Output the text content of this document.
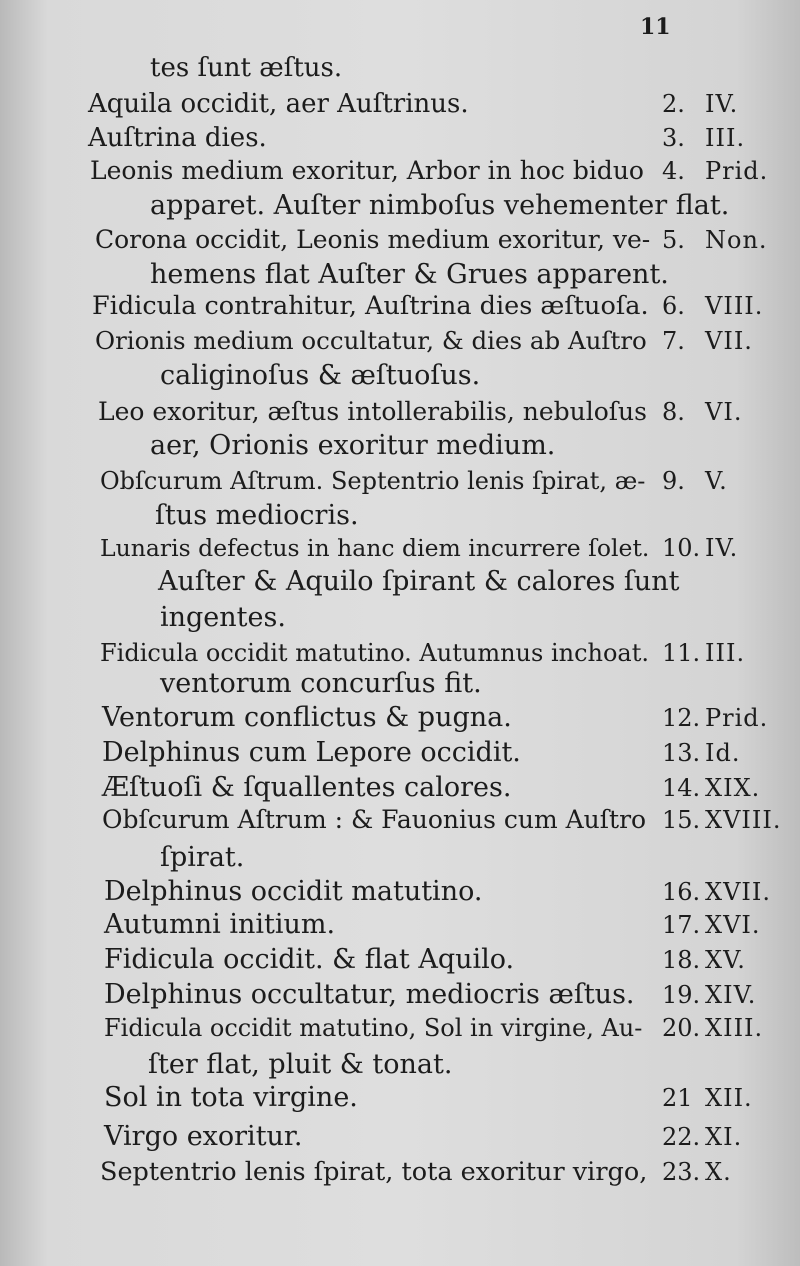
11
tes ſunt æſtus.
Aquila occidit, aer Auſtrinus.	2. IV.
Auſtrina dies.	3. III.
Leonis medium exoritur, Arbor in hoc biduo 4. Prid.
apparet. Auſter nimboſus vehementer flat.
Corona occidit, Leonis medium exoritur, ve- 5. Non.
hemens flat Auſter & Grues apparent.
Fidicula contrahitur, Auſtrina dies æſtuoſa. 6. VIII.
Orionis medium occultatur, & dies ab Auſtro 7. VII.
caliginoſus & æſtuoſus.
Leo exoritur, æſtus intollerabilis, nebuloſus 8. VI.
aer, Orionis exoritur medium.
Obſcurum Aſtrum. Septentrio lenis ſpirat, æ- 9. V.
ſtus mediocris.
Lunaris defectus in hanc diem incurrere ſolet. 10. IV.
Auſter & Aquilo ſpirant & calores ſunt
ingentes.
Fidicula occidit matutino. Autumnus inchoat. 11. III.
ventorum concurſus fit.
Ventorum conflictus & pugna.	12. Prid.
Delphinus cum Lepore occidit.	13. Id.
Æſtuoſi & ſquallentes calores.	14. XIX.
Obſcurum Aſtrum : & Fauonius cum Auſtro 15. XVIII.
ſpirat.
Delphinus occidit matutino.	16. XVII.
Autumni initium.	17. XVI.
Fidicula occidit. & flat Aquilo.	18. XV.
Delphinus occultatur, mediocris æſtus. 19. XIV.
Fidicula occidit matutino, Sol in virgine, Au- 20. XIII.
ſter flat, pluit & tonat.
Sol in tota virgine.	21 XII.
Virgo exoritur.	22. XI.
Septentrio lenis ſpirat, tota exoritur virgo, 23. X.
